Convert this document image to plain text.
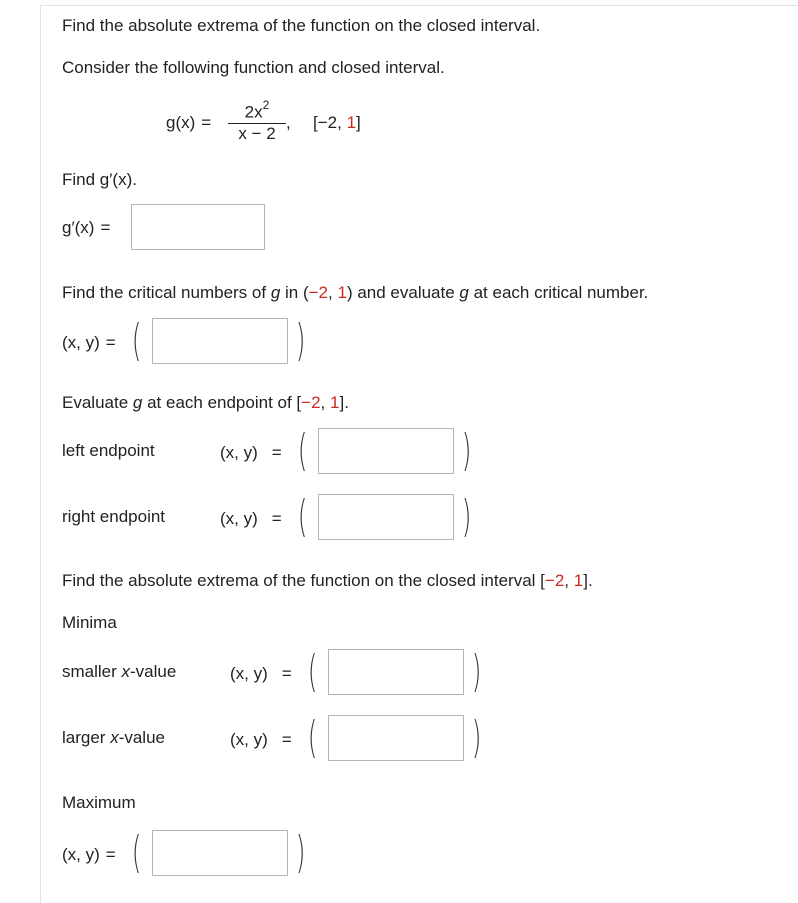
Find the absolute extrema of the function on the closed interval.
Consider the following function and closed interval.
$g(x) = \frac{2x^2}{x - 2}$ , [−2, 1]
Find g′(x).
g′(x) =
Find the critical numbers of g in (−2, 1) and evaluate g at each critical number.
(x, y) = (	)
Evaluate g at each endpoint of [−2, 1].
left endpoint	(x, y) = (	)
right endpoint	(x, y) = (	)
Find the absolute extrema of the function on the closed interval [−2, 1].
Minima
smaller x-value	(x, y) = (	)
larger x-value	(x, y) = (	)
Maximum
(x, y) = (	)
